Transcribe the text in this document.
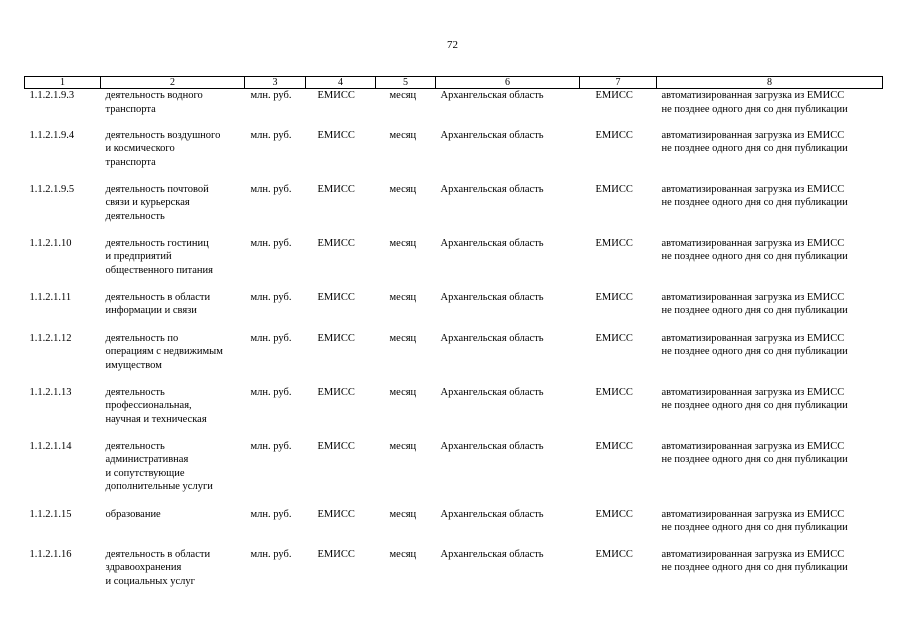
72
1	2	3	4	5	6	7	8
1.1.2.1.9.3	деятельность водного
транспорта	млн. руб.	ЕМИСС	месяц	Архангельская область	ЕМИСС	автоматизированная загрузка из ЕМИСС
не позднее одного дня со дня публикации

1.1.2.1.9.4	деятельность воздушного
и космического
транспорта	млн. руб.	ЕМИСС	месяц	Архангельская область	ЕМИСС	автоматизированная загрузка из ЕМИСС
не позднее одного дня со дня публикации

1.1.2.1.9.5	деятельность почтовой
связи и курьерская
деятельность	млн. руб.	ЕМИСС	месяц	Архангельская область	ЕМИСС	автоматизированная загрузка из ЕМИСС
не позднее одного дня со дня публикации

1.1.2.1.10	деятельность гостиниц
и предприятий
общественного питания	млн. руб.	ЕМИСС	месяц	Архангельская область	ЕМИСС	автоматизированная загрузка из ЕМИСС
не позднее одного дня со дня публикации

1.1.2.1.11	деятельность в области
информации и связи	млн. руб.	ЕМИСС	месяц	Архангельская область	ЕМИСС	автоматизированная загрузка из ЕМИСС
не позднее одного дня со дня публикации

1.1.2.1.12	деятельность по
операциям с недвижимым
имуществом	млн. руб.	ЕМИСС	месяц	Архангельская область	ЕМИСС	автоматизированная загрузка из ЕМИСС
не позднее одного дня со дня публикации

1.1.2.1.13	деятельность
профессиональная,
научная и техническая	млн. руб.	ЕМИСС	месяц	Архангельская область	ЕМИСС	автоматизированная загрузка из ЕМИСС
не позднее одного дня со дня публикации

1.1.2.1.14	деятельность
административная
и сопутствующие
дополнительные услуги	млн. руб.	ЕМИСС	месяц	Архангельская область	ЕМИСС	автоматизированная загрузка из ЕМИСС
не позднее одного дня со дня публикации

1.1.2.1.15	образование	млн. руб.	ЕМИСС	месяц	Архангельская область	ЕМИСС	автоматизированная загрузка из ЕМИСС
не позднее одного дня со дня публикации

1.1.2.1.16	деятельность в области
здравоохранения
и социальных услуг	млн. руб.	ЕМИСС	месяц	Архангельская область	ЕМИСС	автоматизированная загрузка из ЕМИСС
не позднее одного дня со дня публикации
